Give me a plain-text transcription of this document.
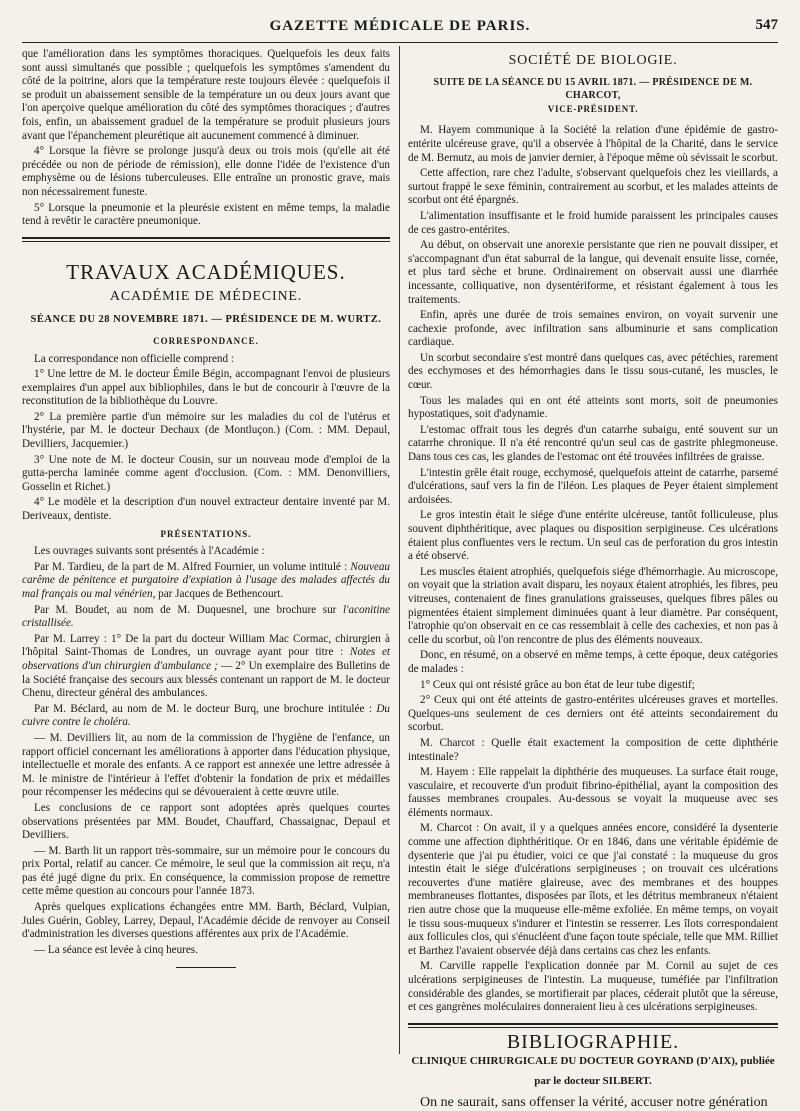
GAZETTE MÉDICALE DE PARIS.	547

que l'amélioration dans les symptômes thoraciques. Quelquefois les deux faits sont aussi simultanés que possible ; quelquefois les symptômes s'amendent du côté de la poitrine, alors que la température reste toujours élevée : quelquefois il se produit un abaissement sensible de la température un ou deux jours avant que l'on aperçoive quelque amélioration du côté des symptômes thoraciques ; d'autres fois, enfin, un abaissement graduel de la température se produit plusieurs jours avant que l'épanchement pleurétique ait aucunement commencé à diminuer.

4° Lorsque la fièvre se prolonge jusqu'à deux ou trois mois (qu'elle ait été précédée ou non de période de rémission), elle donne l'idée de l'existence d'un emphysème ou de lésions tuberculeuses. Elle entraîne un pronostic grave, mais non nécessairement funeste.

5° Lorsque la pneumonie et la pleurésie existent en même temps, la maladie tend à revêtir le caractère pneumonique.

TRAVAUX ACADÉMIQUES.
ACADÉMIE DE MÉDECINE.
SÉANCE DU 28 NOVEMBRE 1871. — PRÉSIDENCE DE M. WURTZ.
CORRESPONDANCE.

La correspondance non officielle comprend :

1° Une lettre de M. le docteur Émile Bégin, accompagnant l'envoi de plusieurs exemplaires d'un appel aux bibliophiles, dans le but de concourir à l'œuvre de la reconstitution de la bibliothèque du Louvre.

2° La première partie d'un mémoire sur les maladies du col de l'utérus et l'hystérie, par M. le docteur Dechaux (de Montluçon.) (Com. : MM. Depaul, Devilliers, Jacquemier.)

3° Une note de M. le docteur Cousin, sur un nouveau mode d'emploi de la gutta-percha laminée comme agent d'occlusion. (Com. : MM. Denonvilliers, Gosselin et Richet.)

4° Le modèle et la description d'un nouvel extracteur dentaire inventé par M. Deriveaux, dentiste.

PRÉSENTATIONS.

Les ouvrages suivants sont présentés à l'Académie :

Par M. Tardieu, de la part de M. Alfred Fournier, un volume intitulé : Nouveau carême de pénitence et purgatoire d'expiation à l'usage des malades affectés du mal français ou mal vénérien, par Jacques de Bethencourt.

Par M. Boudet, au nom de M. Duquesnel, une brochure sur l'aconitine cristallisée.

Par M. Larrey : 1° De la part du docteur William Mac Cormac, chirurgien à l'hôpital Saint-Thomas de Londres, un ouvrage ayant pour titre : Notes et observations d'un chirurgien d'ambulance ; — 2° Un exemplaire des Bulletins de la Société française des secours aux blessés contenant un rapport de M. le docteur Chenu, directeur général des ambulances.

Par M. Béclard, au nom de M. le docteur Burq, une brochure intitulée : Du cuivre contre le choléra.

— M. Devilliers lit, au nom de la commission de l'hygiène de l'enfance, un rapport officiel concernant les améliorations à apporter dans l'éducation physique, intellectuelle et morale des enfants. A ce rapport est annexée une lettre adressée à M. le ministre de l'intérieur à l'effet d'obtenir la fondation de prix et médailles pour récompenser les médecins qui se dévoueraient à cette œuvre utile.

Les conclusions de ce rapport sont adoptées après quelques courtes observations présentées par MM. Boudet, Chauffard, Chassaignac, Depaul et Devilliers.

— M. Barth lit un rapport très-sommaire, sur un mémoire pour le concours du prix Portal, relatif au cancer. Ce mémoire, le seul que la commission ait reçu, n'a pas été jugé digne du prix. En conséquence, la commission propose de remettre cette même question au concours pour l'année 1873.

Après quelques explications échangées entre MM. Barth, Béclard, Vulpian, Jules Guérin, Gobley, Larrey, Depaul, l'Académie décide de renvoyer au Conseil d'administration les diverses questions afférentes aux prix de l'Académie.

— La séance est levée à cinq heures.

SOCIÉTÉ DE BIOLOGIE.
SUITE DE LA SÉANCE DU 15 AVRIL 1871. — PRÉSIDENCE DE M. CHARCOT,
VICE-PRÉSIDENT.

M. Hayem communique à la Société la relation d'une épidémie de gastro-entérite ulcéreuse grave, qu'il a observée à l'hôpital de la Charité, dans le service de M. Bernutz, au mois de janvier dernier, à l'époque même où sévissait le scorbut.

Cette affection, rare chez l'adulte, s'observant quelquefois chez les vieillards, a surtout frappé le sexe féminin, contrairement au scorbut, et les malades atteints de scorbut ont été épargnés.

L'alimentation insuffisante et le froid humide paraissent les principales causes de ces gastro-entérites.

Au début, on observait une anorexie persistante que rien ne pouvait dissiper, et s'accompagnant d'un état saburral de la langue, qui devenait ensuite lisse, cornée, et plus tard sèche et brune. Ordinairement on observait aussi une diarrhée incessante, colliquative, non dysentériforme, et résistant également à tous les traitements.

Enfin, après une durée de trois semaines environ, on voyait survenir une cachexie profonde, avec infiltration sans albuminurie et sans complication cardiaque.

Un scorbut secondaire s'est montré dans quelques cas, avec pétéchies, rarement des ecchymoses et des hémorrhagies dans le tissu sous-cutané, les muscles, le cœur.

Tous les malades qui en ont été atteints sont morts, soit de pneumonies hypostatiques, soit d'adynamie.

L'estomac offrait tous les degrés d'un catarrhe subaigu, enté souvent sur un catarrhe chronique. Il n'a été rencontré qu'un seul cas de gastrite phlegmoneuse. Dans tous ces cas, les glandes de l'estomac ont été trouvées infiltrées de graisse.

L'intestin grêle était rouge, ecchymosé, quelquefois atteint de catarrhe, parsemé d'ulcérations, sauf vers la fin de l'iléon. Les plaques de Peyer étaient simplement ardoisées.

Le gros intestin était le siége d'une entérite ulcéreuse, tantôt folliculeuse, plus souvent diphthéritique, avec plaques ou disposition serpigineuse. Ces ulcérations étaient plus confluentes vers le rectum. Un seul cas de perforation du gros intestin a été observé.

Les muscles étaient atrophiés, quelquefois siége d'hémorrhagie. Au microscope, on voyait que la striation avait disparu, les noyaux étaient atrophiés, les fibres, peu vitreuses, contenaient de fines granulations graisseuses, quelques fibres pâles ou pigmentées étaient simplement diminuées quant à leur diamètre. Par conséquent, l'atrophie qu'on observait en ce cas ressemblait à celle des cachexies, et non pas à celle du scorbut, où l'on rencontre de plus des éléments nouveaux.

Donc, en résumé, on a observé en même temps, à cette époque, deux catégories de malades :

1° Ceux qui ont résisté grâce au bon état de leur tube digestif;

2° Ceux qui ont été atteints de gastro-entérites ulcéreuses graves et mortelles. Quelques-uns seulement de ces derniers ont été atteints secondairement du scorbut.

M. Charcot : Quelle était exactement la composition de cette diphthérie intestinale?

M. Hayem : Elle rappelait la diphthérie des muqueuses. La surface était rouge, vasculaire, et recouverte d'un produit fibrino-épithélial, ayant la composition des fausses membranes croupales. Au-dessous se voyait la muqueuse avec ses éléments normaux.

M. Charcot : On avait, il y a quelques années encore, considéré la dysenterie comme une affection diphthéritique. Or en 1846, dans une véritable épidémie de dysenterie que j'ai pu étudier, voici ce que j'ai constaté : la muqueuse du gros intestin était le siége d'ulcérations serpigineuses ; on trouvait ces ulcérations recouvertes d'une matière glaireuse, avec des membranes et des houppes membraneuses flottantes, disposées par îlots, et les détritus membraneux n'étaient rien autre chose que la muqueuse elle-même exfoliée. En même temps, on voyait le tissu sous-muqueux s'indurer et l'intestin se resserrer. Les îlots correspondaient aux follicules clos, qui s'énucléent d'une façon toute spéciale, telle que MM. Rilliet et Barthez l'avaient observée déjà dans certains cas chez les enfants.

M. Carville rappelle l'explication donnée par M. Cornil au sujet de ces ulcérations serpigineuses de l'intestin. La muqueuse, tuméfiée par l'infiltration considérable des glandes, se mortifierait par places, céderait plutôt que la séreuse, et ces gangrènes moléculaires donneraient lieu à ces ulcérations serpigineuses.

BIBLIOGRAPHIE.
CLINIQUE CHIRURGICALE DU DOCTEUR GOYRAND (D'AIX), publiée
par le docteur SILBERT.

On ne saurait, sans offenser la vérité, accuser notre génération
